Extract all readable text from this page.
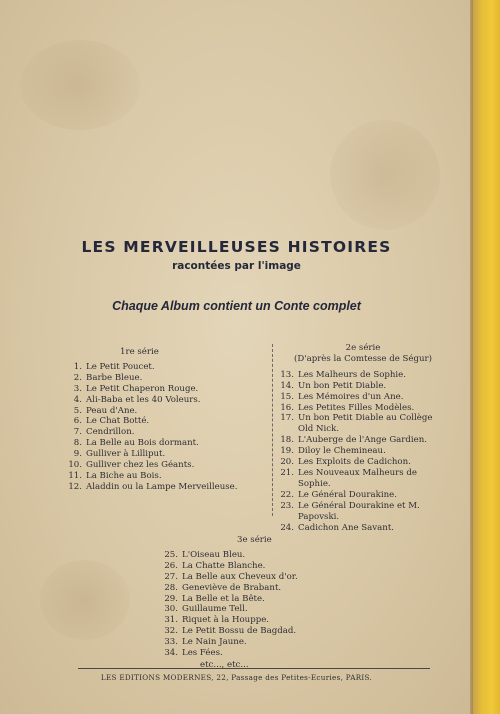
LES MERVEILLEUSES HISTOIRES
racontées par l'image
Chaque Album contient un Conte complet
1re série
1. Le Petit Poucet.
2. Barbe Bleue.
3. Le Petit Chaperon Rouge.
4. Ali-Baba et les 40 Voleurs.
5. Peau d'Ane.
6. Le Chat Botté.
7. Cendrillon.
8. La Belle au Bois dormant.
9. Gulliver à Lilliput.
10. Gulliver chez les Géants.
11. La Biche au Bois.
12. Aladdin ou la Lampe Merveilleuse.
2e série
(D'après la Comtesse de Ségur)
13. Les Malheurs de Sophie.
14. Un bon Petit Diable.
15. Les Mémoires d'un Ane.
16. Les Petites Filles Modèles.
17. Un bon Petit Diable au Collège Old Nick.
18. L'Auberge de l'Ange Gardien.
19. Diloy le Chemineau.
20. Les Exploits de Cadichon.
21. Les Nouveaux Malheurs de Sophie.
22. Le Général Dourakine.
23. Le Général Dourakine et M. Papovski.
24. Cadichon Ane Savant.
3e série
25. L'Oiseau Bleu.
26. La Chatte Blanche.
27. La Belle aux Cheveux d'or.
28. Geneviève de Brabant.
29. La Belle et la Bête.
30. Guillaume Tell.
31. Riquet à la Houppe.
32. Le Petit Bossu de Bagdad.
33. Le Nain Jaune.
34. Les Fées.
etc..., etc...
LES EDITIONS MODERNES, 22, Passage des Petites-Ecuries, PARIS.
